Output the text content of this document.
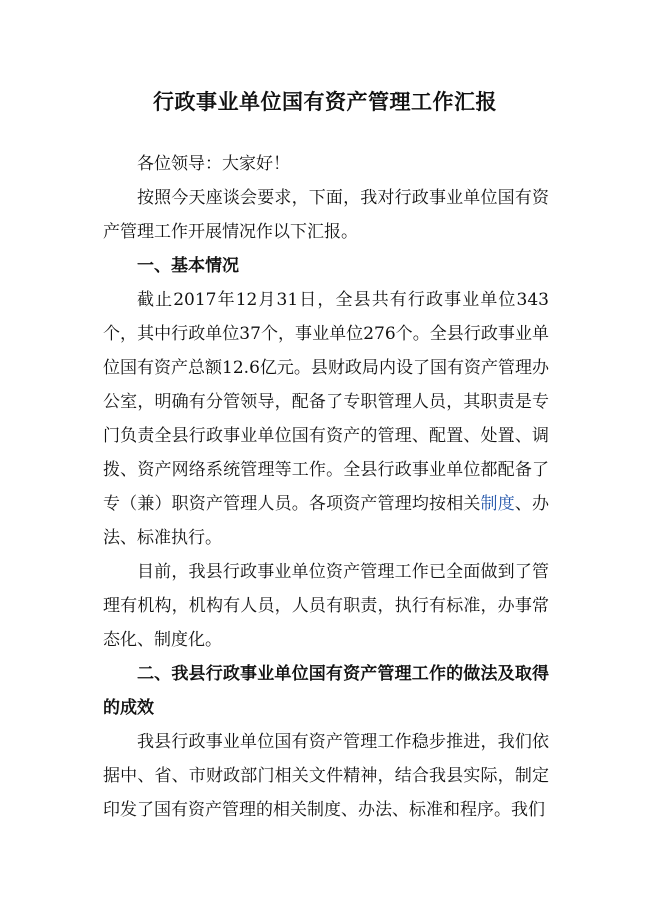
行政事业单位国有资产管理工作汇报

各位领导：大家好！

按照今天座谈会要求，下面，我对行政事业单位国有资产管理工作开展情况作以下汇报。

一、基本情况

截止2017年12月31日，全县共有行政事业单位343个，其中行政单位37个，事业单位276个。全县行政事业单位国有资产总额12.6亿元。县财政局内设了国有资产管理办公室，明确有分管领导，配备了专职管理人员，其职责是专门负责全县行政事业单位国有资产的管理、配置、处置、调拨、资产网络系统管理等工作。全县行政事业单位都配备了专（兼）职资产管理人员。各项资产管理均按相关制度、办法、标准执行。

目前，我县行政事业单位资产管理工作已全面做到了管理有机构，机构有人员，人员有职责，执行有标准，办事常态化、制度化。

二、我县行政事业单位国有资产管理工作的做法及取得的成效

我县行政事业单位国有资产管理工作稳步推进，我们依据中、省、市财政部门相关文件精神，结合我县实际，制定印发了国有资产管理的相关制度、办法、标准和程序。我们
